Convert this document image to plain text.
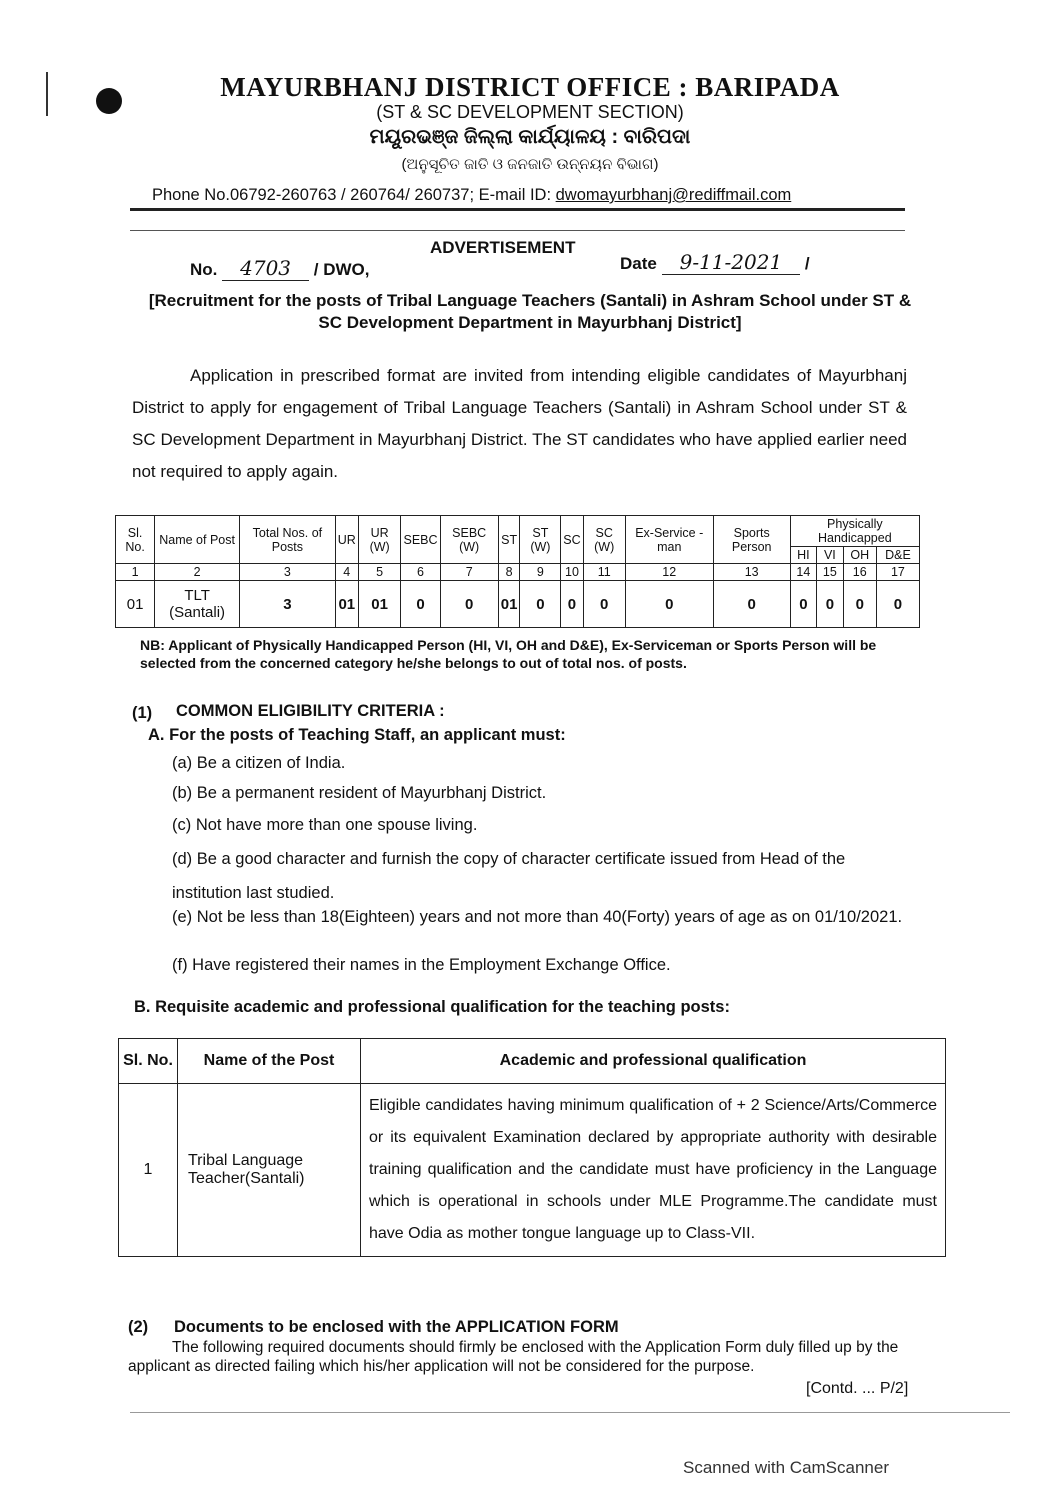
MAYURBHANJ DISTRICT OFFICE : BARIPADA
(ST & SC DEVELOPMENT SECTION)
ମୟୂରଭଞ୍ଜ ଜିଲ୍ଲା କାର୍ଯ୍ୟାଳୟ : ବାରିପଦା
(ଅନୁସୂଚିତ ଜାତି ଓ ଜନଜାତି ଉନ୍ନୟନ ବିଭାଗ)
Phone No.06792-260763 / 260764/ 260737; E-mail ID: dwomayurbhanj@rediffmail.com
ADVERTISEMENT
No. 4703 / DWO,	Date 9-11-2021 /
[Recruitment for the posts of Tribal Language Teachers (Santali) in Ashram School under ST & SC Development Department in Mayurbhanj District]
Application in prescribed format are invited from intending eligible candidates of Mayurbhanj District to apply for engagement of Tribal Language Teachers (Santali) in Ashram School under ST & SC Development Department in Mayurbhanj District. The ST candidates who have applied earlier need not required to apply again.
Sl. No.	Name of Post	Total Nos. of Posts	UR	UR (W)	SEBC	SEBC (W)	ST	ST (W)	SC	SC (W)	Ex-Service -man	Sports Person	Physically Handicapped			
													HI	VI	OH	D&E
1	2	3	4	5	6	7	8	9	10	11	12	13	14	15	16	17
01	TLT (Santali)	3	01	01	0	0	01	0	0	0	0	0	0	0	0	0
NB: Applicant of Physically Handicapped Person (HI, VI, OH and D&E), Ex-Serviceman or Sports Person will be selected from the concerned category he/she belongs to out of total nos. of posts.
(1) COMMON ELIGIBILITY CRITERIA :
A. For the posts of Teaching Staff, an applicant must:
(a) Be a citizen of India.
(b) Be a permanent resident of Mayurbhanj District.
(c) Not have more than one spouse living.
(d) Be a good character and furnish the copy of character certificate issued from Head of the institution last studied.
(e) Not be less than 18(Eighteen) years and not more than 40(Forty) years of age as on 01/10/2021.
(f) Have registered their names in the Employment Exchange Office.
B. Requisite academic and professional qualification for the teaching posts:
Sl. No.	Name of the Post	Academic and professional qualification
1	Tribal Language Teacher(Santali)	Eligible candidates having minimum qualification of + 2 Science/Arts/Commerce or its equivalent Examination declared by appropriate authority with desirable training qualification and the candidate must have proficiency in the Language which is operational in schools under MLE Programme.The candidate must have Odia as mother tongue language up to Class-VII.
(2) Documents to be enclosed with the APPLICATION FORM
The following required documents should firmly be enclosed with the Application Form duly filled up by the applicant as directed failing which his/her application will not be considered for the purpose.
[Contd. ... P/2]
Scanned with CamScanner
